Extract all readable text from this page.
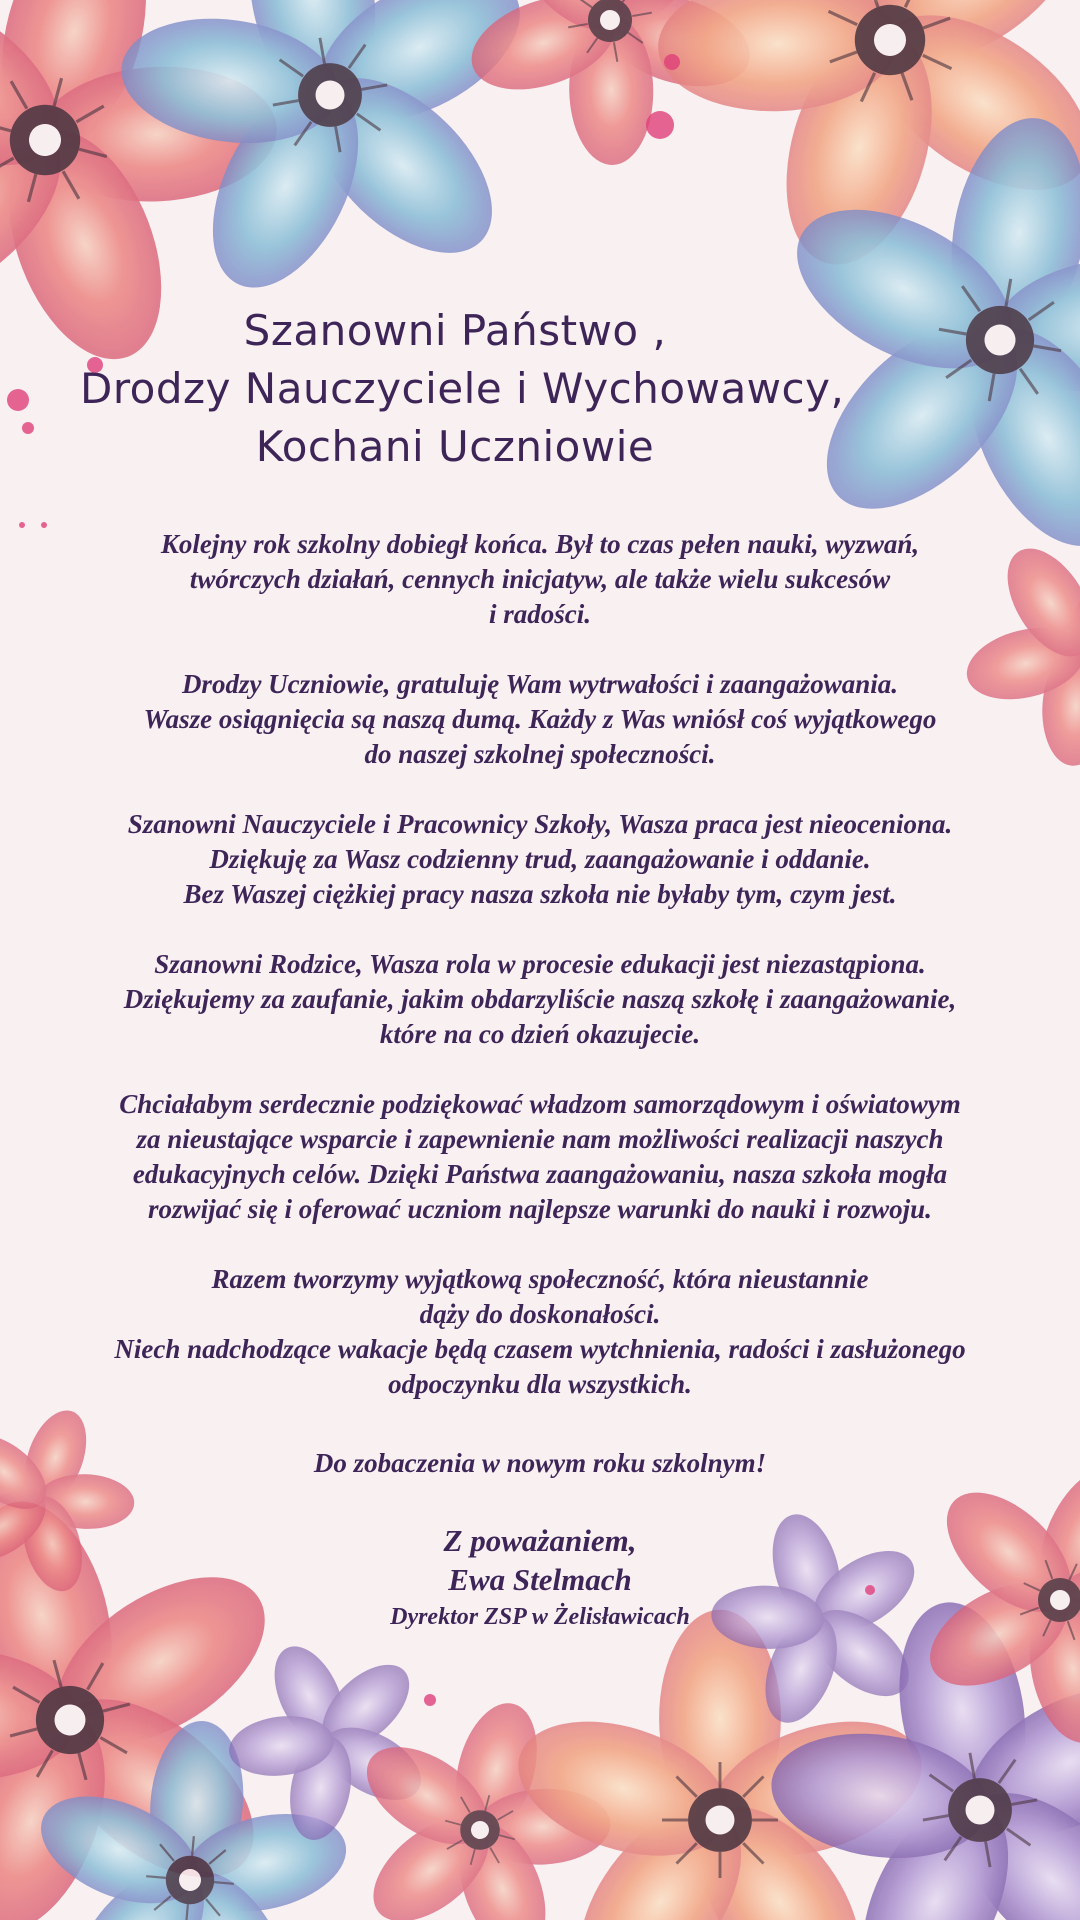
Szanowni Państwo ,
Drodzy Nauczyciele i Wychowawcy,
Kochani Uczniowie
Kolejny rok szkolny dobiegł końca. Był to czas pełen nauki, wyzwań,
twórczych działań, cennych inicjatyw, ale także wielu sukcesów
i radości.
Drodzy Uczniowie, gratuluję Wam wytrwałości i zaangażowania.
Wasze osiągnięcia są naszą dumą. Każdy z Was wniósł coś wyjątkowego
do naszej szkolnej społeczności.
Szanowni Nauczyciele i Pracownicy Szkoły, Wasza praca jest nieoceniona.
Dziękuję za Wasz codzienny trud, zaangażowanie i oddanie.
Bez Waszej ciężkiej pracy nasza szkoła nie byłaby tym, czym jest.
Szanowni Rodzice, Wasza rola w procesie edukacji jest niezastąpiona.
Dziękujemy za zaufanie, jakim obdarzyliście naszą szkołę i zaangażowanie,
które na co dzień okazujecie.
Chciałabym serdecznie podziękować władzom samorządowym i oświatowym
za nieustające wsparcie i zapewnienie nam możliwości realizacji naszych
edukacyjnych celów. Dzięki Państwa zaangażowaniu, nasza szkoła mogła
rozwijać się i oferować uczniom najlepsze warunki do nauki i rozwoju.
Razem tworzymy wyjątkową społeczność, która nieustannie
dąży do doskonałości.
Niech nadchodzące wakacje będą czasem wytchnienia, radości i zasłużonego
odpoczynku dla wszystkich.
Do zobaczenia w nowym roku szkolnym!
Z poważaniem,
Ewa Stelmach
Dyrektor ZSP w Żelisławicach
